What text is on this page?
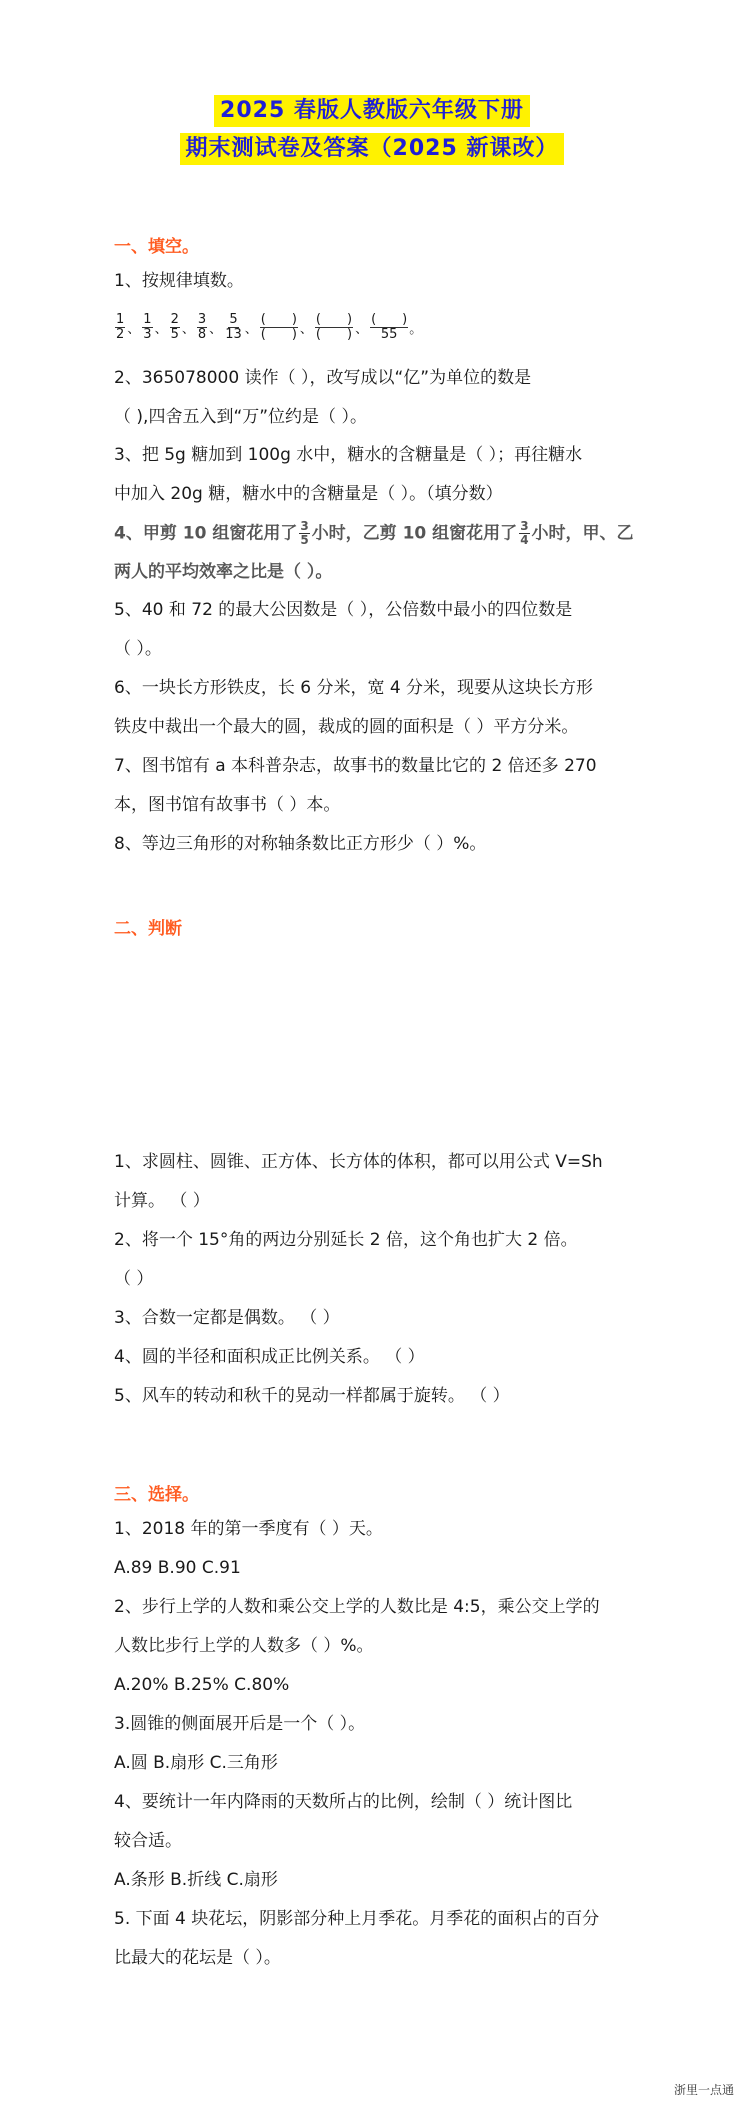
2025 春版人教版六年级下册
期末测试卷及答案（2025 新课改）
一、填空。
1、按规律填数。
$\frac{1}{2}$ 、 $\frac{1}{3}$ 、 $\frac{2}{5}$ 、 $\frac{3}{8}$ 、 $\frac{5}{13}$ 、 $\frac{( )}{( )}$ 、 $\frac{( )}{( )}$ 、 $\frac{( )}{55}$ 。
2、365078000 读作（ ），改写成以“亿”为单位的数是
（ ),四舍五入到“万”位约是（ ）。
3、把 5g 糖加到 100g 水中，糖水的含糖量是（ ）；再往糖水
中加入 20g 糖，糖水中的含糖量是（ ）。（填分数）
4、甲剪 10 组窗花用了 $\frac{3}{5}$ 小时，乙剪 10 组窗花用了 $\frac{3}{4}$ 小时，甲、乙
两人的平均效率之比是（ ）。
5、40 和 72 的最大公因数是（ ），公倍数中最小的四位数是
（ ）。
6、一块长方形铁皮，长 6 分米，宽 4 分米，现要从这块长方形
铁皮中裁出一个最大的圆，裁成的圆的面积是（ ）平方分米。
7、图书馆有 a 本科普杂志，故事书的数量比它的 2 倍还多 270
本，图书馆有故事书（ ）本。
8、等边三角形的对称轴条数比正方形少（ ）%。
二、判断
1、求圆柱、圆锥、正方体、长方体的体积，都可以用公式 V=Sh
计算。 （ ）
2、将一个 15°角的两边分别延长 2 倍，这个角也扩大 2 倍。
（ ）
3、合数一定都是偶数。 （ ）
4、圆的半径和面积成正比例关系。 （ ）
5、风车的转动和秋千的晃动一样都属于旋转。 （ ）
三、选择。
1、2018 年的第一季度有（ ）天。
A.89 B.90 C.91
2、步行上学的人数和乘公交上学的人数比是 4:5，乘公交上学的
人数比步行上学的人数多（ ）%。
A.20% B.25% C.80%
3.圆锥的侧面展开后是一个（ ）。
A.圆 B.扇形 C.三角形
4、要统计一年内降雨的天数所占的比例，绘制（ ）统计图比
较合适。
A.条形 B.折线 C.扇形
5. 下面 4 块花坛，阴影部分种上月季花。月季花的面积占的百分
比最大的花坛是（ ）。
浙里一点通
